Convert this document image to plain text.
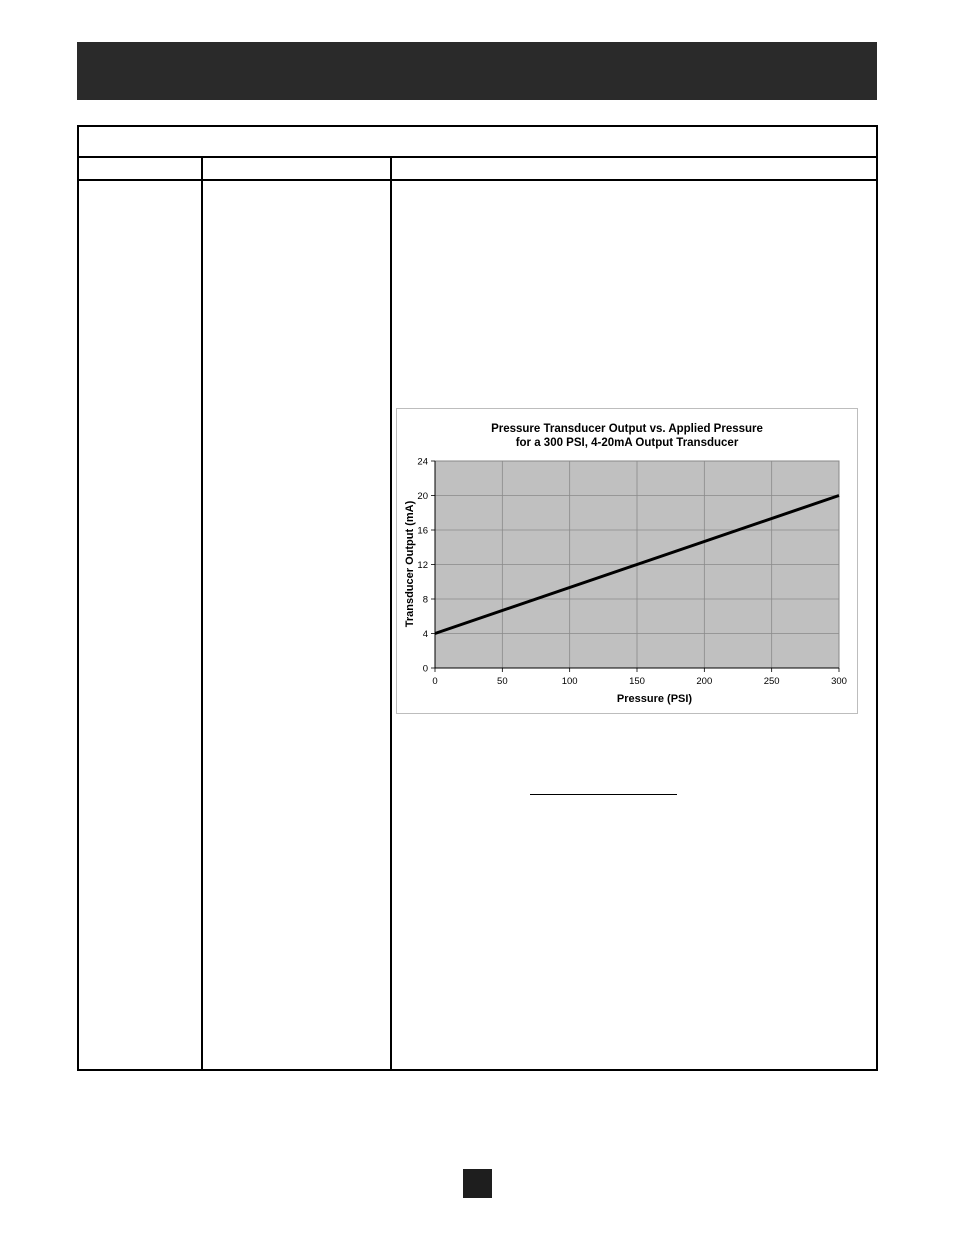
Pressure Transducer Output vs. Applied Pressure
for a 300 PSI, 4-20mA Output Transducer
0
4
8
12
16
20
24
0	50	100	150	200	250	300
Pressure (PSI)
Transducer Output (mA)
